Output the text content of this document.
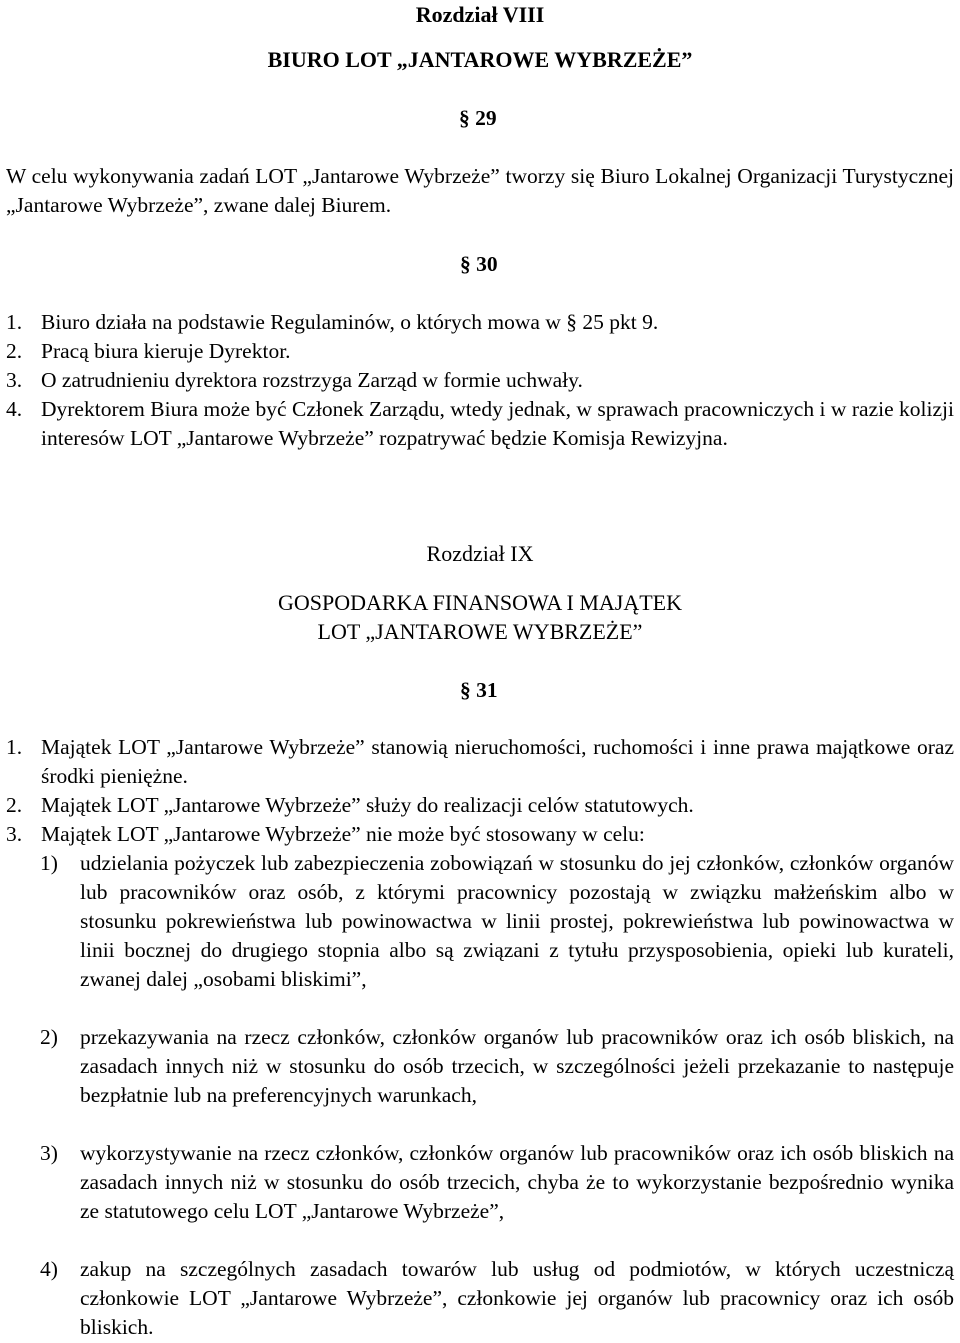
Rozdział VIII
BIURO LOT „JANTAROWE WYBRZEŻE”
§ 29
W celu wykonywania zadań LOT „Jantarowe Wybrzeże” tworzy się Biuro Lokalnej Organizacji Turystycznej „Jantarowe Wybrzeże”, zwane dalej Biurem.
§ 30
1. Biuro działa na podstawie Regulaminów, o których mowa w § 25 pkt 9.
2. Pracą biura kieruje Dyrektor.
3. O zatrudnieniu dyrektora rozstrzyga Zarząd w formie uchwały.
4. Dyrektorem Biura może być Członek Zarządu, wtedy jednak, w sprawach pracowniczych i w razie kolizji interesów LOT „Jantarowe Wybrzeże” rozpatrywać będzie Komisja Rewizyjna.
Rozdział IX
GOSPODARKA FINANSOWA I MAJĄTEK
LOT „JANTAROWE WYBRZEŻE”
§ 31
1. Majątek LOT „Jantarowe Wybrzeże” stanowią nieruchomości, ruchomości i inne prawa majątkowe oraz środki pieniężne.
2. Majątek LOT „Jantarowe Wybrzeże” służy do realizacji celów statutowych.
3. Majątek LOT „Jantarowe Wybrzeże” nie może być stosowany w celu:
1)	udzielania pożyczek lub zabezpieczenia zobowiązań w stosunku do jej członków, członków organów lub pracowników oraz osób, z którymi pracownicy pozostają w związku małżeńskim albo w stosunku pokrewieństwa lub powinowactwa w linii prostej, pokrewieństwa lub powinowactwa w linii bocznej do drugiego stopnia albo są związani z tytułu przysposobienia, opieki lub kurateli, zwanej dalej „osobami bliskimi”,
2)	przekazywania na rzecz członków, członków organów lub pracowników oraz ich osób bliskich, na zasadach innych niż w stosunku do osób trzecich, w szczególności jeżeli przekazanie to następuje bezpłatnie lub na preferencyjnych warunkach,
3)	wykorzystywanie na rzecz członków, członków organów lub pracowników oraz ich osób bliskich na zasadach innych niż w stosunku do osób trzecich, chyba że to wykorzystanie bezpośrednio wynika ze statutowego celu LOT „Jantarowe Wybrzeże”,
4)	zakup na szczególnych zasadach towarów lub usług od podmiotów, w których uczestniczą członkowie LOT „Jantarowe Wybrzeże”, członkowie jej organów lub pracownicy oraz ich osób bliskich.
